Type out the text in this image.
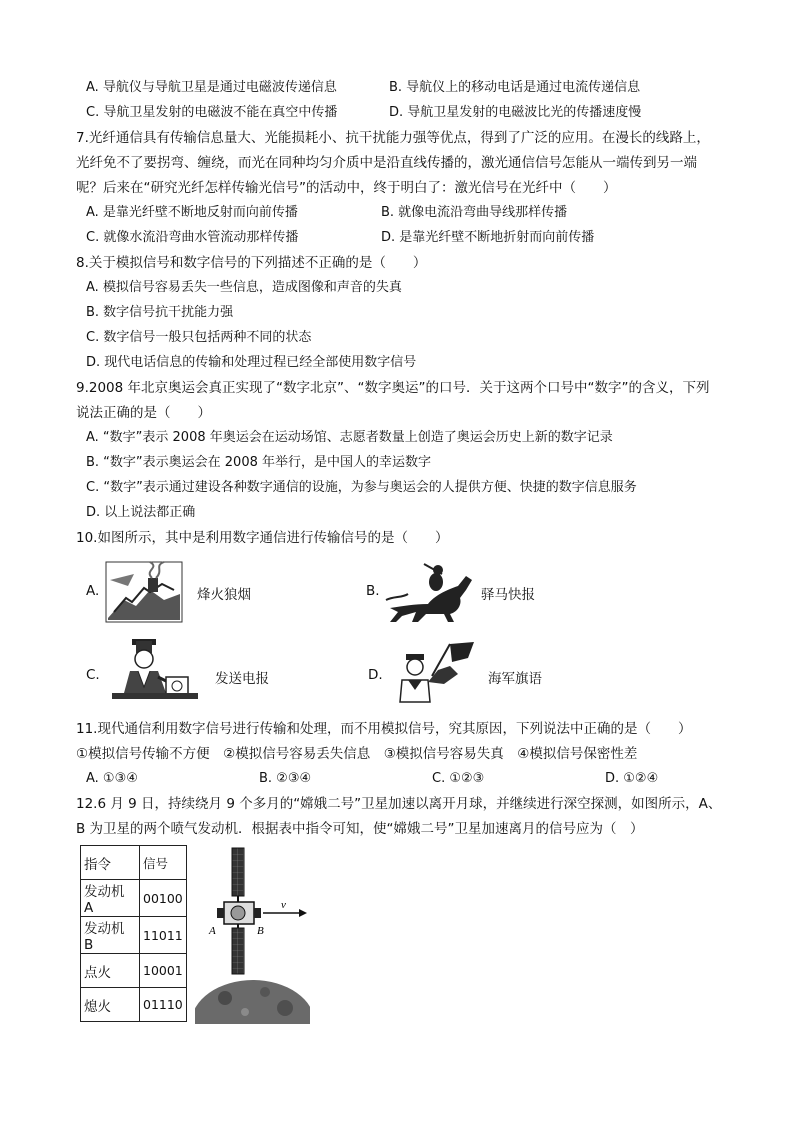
A. 导航仪与导航卫星是通过电磁波传递信息	B. 导航仪上的移动电话是通过电流传递信息
C. 导航卫星发射的电磁波不能在真空中传播	D. 导航卫星发射的电磁波比光的传播速度慢
7.光纤通信具有传输信息量大、光能损耗小、抗干扰能力强等优点，得到了广泛的应用。在漫长的线路上，
光纤免不了要拐弯、缠绕，而光在同种均匀介质中是沿直线传播的，激光通信信号怎能从一端传到另一端
呢？后来在“研究光纤怎样传输光信号”的活动中，终于明白了：激光信号在光纤中（　　）
A. 是靠光纤壁不断地反射而向前传播	B. 就像电流沿弯曲导线那样传播
C. 就像水流沿弯曲水管流动那样传播	D. 是靠光纤壁不断地折射而向前传播
8.关于模拟信号和数字信号的下列描述不正确的是（　　）
A. 模拟信号容易丢失一些信息，造成图像和声音的失真
B. 数字信号抗干扰能力强
C. 数字信号一般只包括两种不同的状态
D. 现代电话信息的传输和处理过程已经全部使用数字信号
9.2008 年北京奥运会真正实现了“数字北京”、“数字奥运”的口号．关于这两个口号中“数字”的含义，下列
说法正确的是（　　）
A. “数字”表示 2008 年奥运会在运动场馆、志愿者数量上创造了奥运会历史上新的数字记录
B. “数字”表示奥运会在 2008 年举行，是中国人的幸运数字
C. “数字”表示通过建设各种数字通信的设施，为参与奥运会的人提供方便、快捷的数字信息服务
D. 以上说法都正确
10.如图所示，其中是利用数字通信进行传输信号的是（　　）
A.	烽火狼烟	B.	驿马快报
C.	发送电报	D.	海军旗语
11.现代通信利用数字信号进行传输和处理，而不用模拟信号，究其原因，下列说法中正确的是（　　）
①模拟信号传输不方便　②模拟信号容易丢失信息　③模拟信号容易失真　④模拟信号保密性差
A. ①③④	B. ②③④	C. ①②③	D. ①②④
12.6 月 9 日，持续绕月 9 个多月的“嫦娥二号”卫星加速以离开月球，并继续进行深空探测，如图所示，A、
B 为卫星的两个喷气发动机．根据表中指令可知，使“嫦娥二号”卫星加速离月的信号应为（　）
指令	信号
发动机 A	00100
发动机 B	11011
点火	10001
熄火	01110
v
A	B
